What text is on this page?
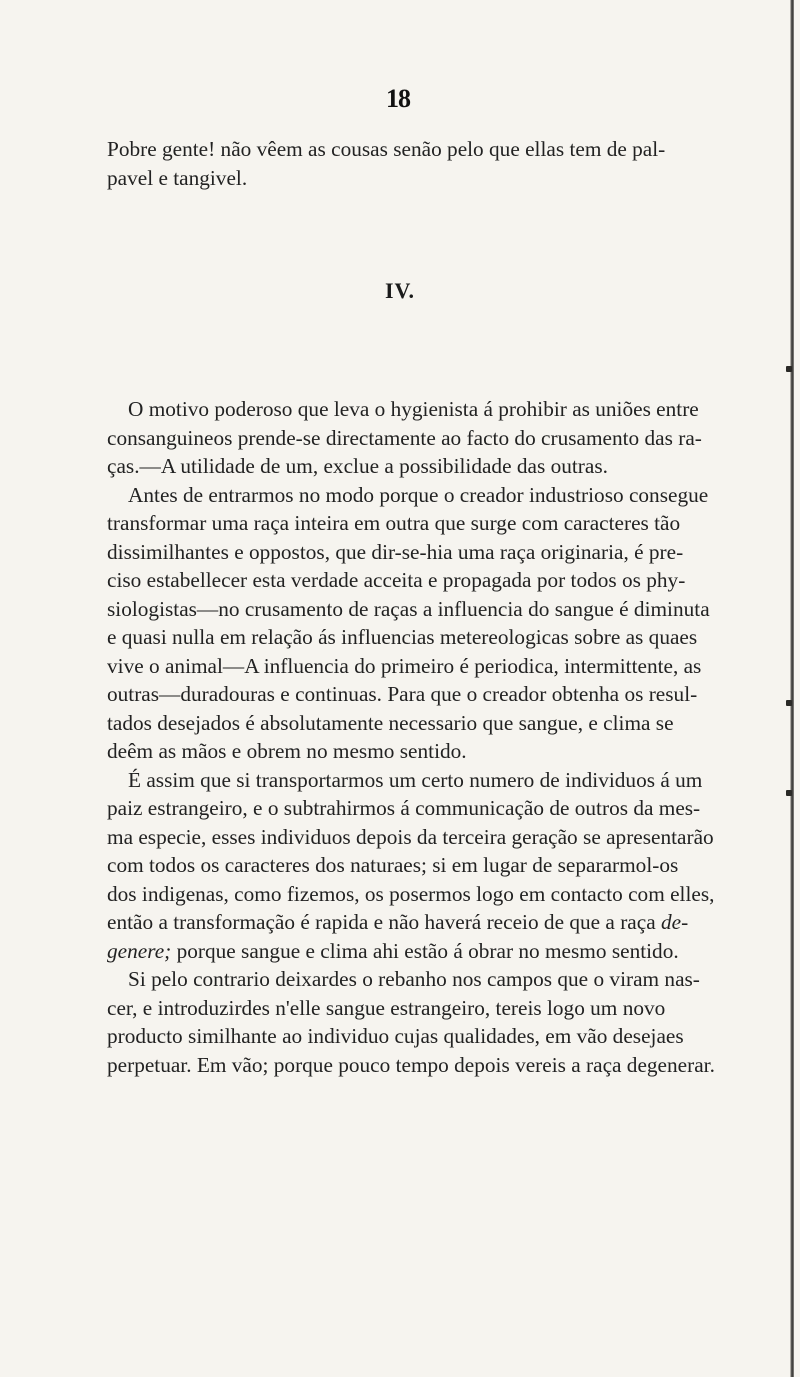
18

Pobre gente! não vêem as cousas senão pelo que ellas tem de pal-

pavel e tangivel.

IV.

O motivo poderoso que leva o hygienista á prohibir as uniões entre

consanguineos prende-se directamente ao facto do crusamento das ra-

ças.—A utilidade de um, exclue a possibilidade das outras.

Antes de entrarmos no modo porque o creador industrioso consegue

transformar uma raça inteira em outra que surge com caracteres tão

dissimilhantes e oppostos, que dir-se-hia uma raça originaria, é pre-

ciso estabellecer esta verdade acceita e propagada por todos os phy-

siologistas—no crusamento de raças a influencia do sangue é diminuta

e quasi nulla em relação ás influencias metereologicas sobre as quaes

vive o animal—A influencia do primeiro é periodica, intermittente, as

outras—duradouras e continuas. Para que o creador obtenha os resul-

tados desejados é absolutamente necessario que sangue, e clima se

deêm as mãos e obrem no mesmo sentido.

É assim que si transportarmos um certo numero de individuos á um

paiz estrangeiro, e o subtrahirmos á communicação de outros da mes-

ma especie, esses individuos depois da terceira geração se apresentarão

com todos os caracteres dos naturaes; si em lugar de separarmol-os

dos indigenas, como fizemos, os posermos logo em contacto com elles,

então a transformação é rapida e não haverá receio de que a raça de-

genere; porque sangue e clima ahi estão á obrar no mesmo sentido.

Si pelo contrario deixardes o rebanho nos campos que o viram nas-

cer, e introduzirdes n'elle sangue estrangeiro, tereis logo um novo

producto similhante ao individuo cujas qualidades, em vão desejaes

perpetuar. Em vão; porque pouco tempo depois vereis a raça degenerar.
